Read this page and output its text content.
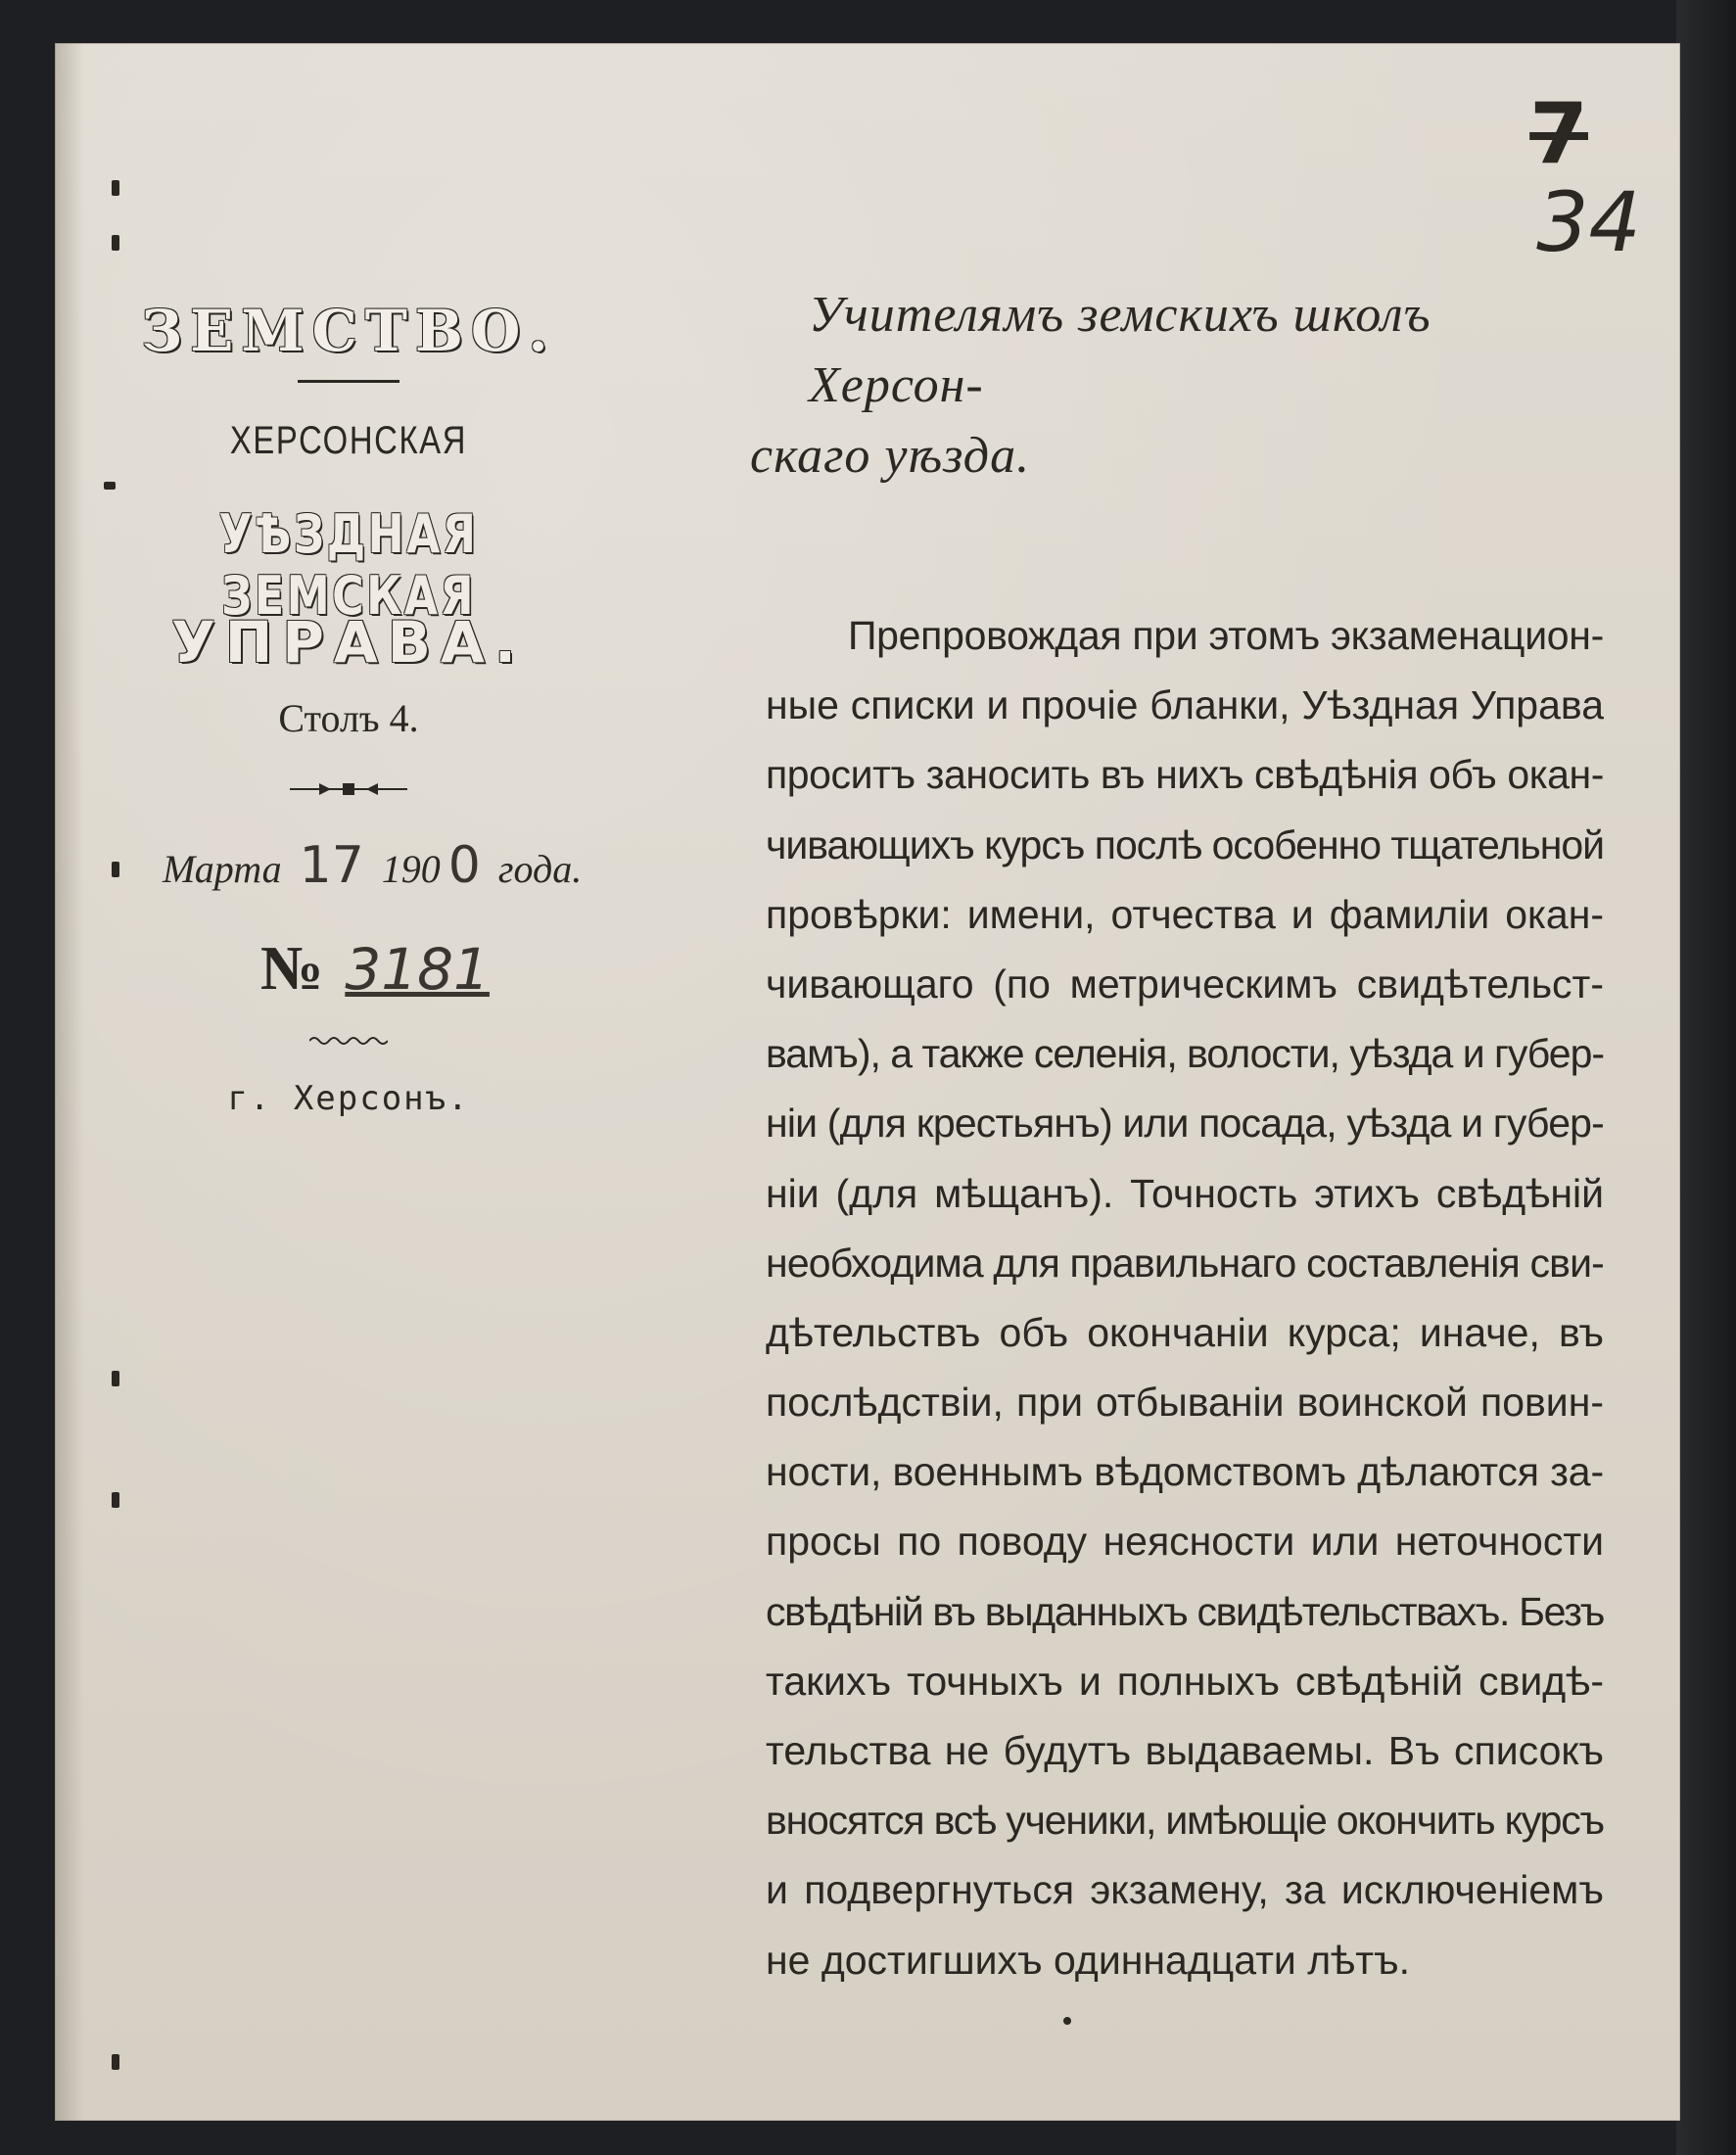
ЗЕМСТВО.
ХЕРСОНСКАЯ
УѢЗДНАЯ ЗЕМСКАЯ
УПРАВА.
Столъ 4.
Марта 17 190 0 года.
№ 3181
г. Херсонъ.
7
34
Учителямъ земскихъ школъ Херсон-
скаго уѣзда.
Препровождая при этомъ экзаменацион-
ные списки и прочіе бланки, Уѣздная Управа
проситъ заносить въ нихъ свѣдѣнія объ окан-
чивающихъ курсъ послѣ особенно тщательной
провѣрки: имени, отчества и фамиліи окан-
чивающаго (по метрическимъ свидѣтельст-
вамъ), а также селенія, волости, уѣзда и губер-
ніи (для крестьянъ) или посада, уѣзда и губер-
ніи (для мѣщанъ). Точность этихъ свѣдѣній
необходима для правильнаго составленія сви-
дѣтельствъ объ окончаніи курса; иначе, въ
послѣдствіи, при отбываніи воинской повин-
ности, военнымъ вѣдомствомъ дѣлаются за-
просы по поводу неясности или неточности
свѣдѣній въ выданныхъ свидѣтельствахъ. Безъ
такихъ точныхъ и полныхъ свѣдѣній свидѣ-
тельства не будутъ выдаваемы. Въ списокъ
вносятся всѣ ученики, имѣющіе окончить курсъ
и подвергнуться экзамену, за исключеніемъ
не достигшихъ одиннадцати лѣтъ.
